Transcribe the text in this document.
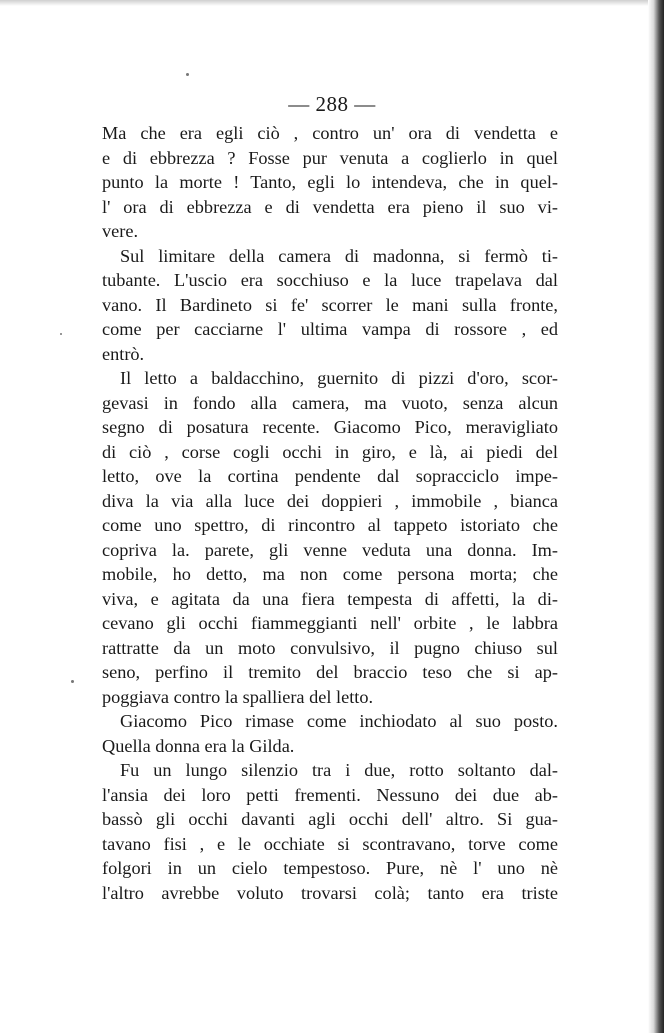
— 288 —
Ma che era egli ciò , contro un' ora di vendetta e
e di ebbrezza ? Fosse pur venuta a coglierlo in quel
punto la morte ! Tanto, egli lo intendeva, che in quel-
l' ora di ebbrezza e di vendetta era pieno il suo vi-
vere.
Sul limitare della camera di madonna, si fermò ti-
tubante. L'uscio era socchiuso e la luce trapelava dal
vano. Il Bardineto si fe' scorrer le mani sulla fronte,
come per cacciarne l' ultima vampa di rossore , ed
entrò.
Il letto a baldacchino, guernito di pizzi d'oro, scor-
gevasi in fondo alla camera, ma vuoto, senza alcun
segno di posatura recente. Giacomo Pico, meravigliato
di ciò , corse cogli occhi in giro, e là, ai piedi del
letto, ove la cortina pendente dal sopracciclo impe-
diva la via alla luce dei doppieri , immobile , bianca
come uno spettro, di rincontro al tappeto istoriato che
copriva la. parete, gli venne veduta una donna. Im-
mobile, ho detto, ma non come persona morta; che
viva, e agitata da una fiera tempesta di affetti, la di-
cevano gli occhi fiammeggianti nell' orbite , le labbra
rattratte da un moto convulsivo, il pugno chiuso sul
seno, perfino il tremito del braccio teso che si ap-
poggiava contro la spalliera del letto.
Giacomo Pico rimase come inchiodato al suo posto.
Quella donna era la Gilda.
Fu un lungo silenzio tra i due, rotto soltanto dal-
l'ansia dei loro petti frementi. Nessuno dei due ab-
bassò gli occhi davanti agli occhi dell' altro. Si gua-
tavano fisi , e le occhiate si scontravano, torve come
folgori in un cielo tempestoso. Pure, nè l' uno nè
l'altro avrebbe voluto trovarsi colà; tanto era triste
